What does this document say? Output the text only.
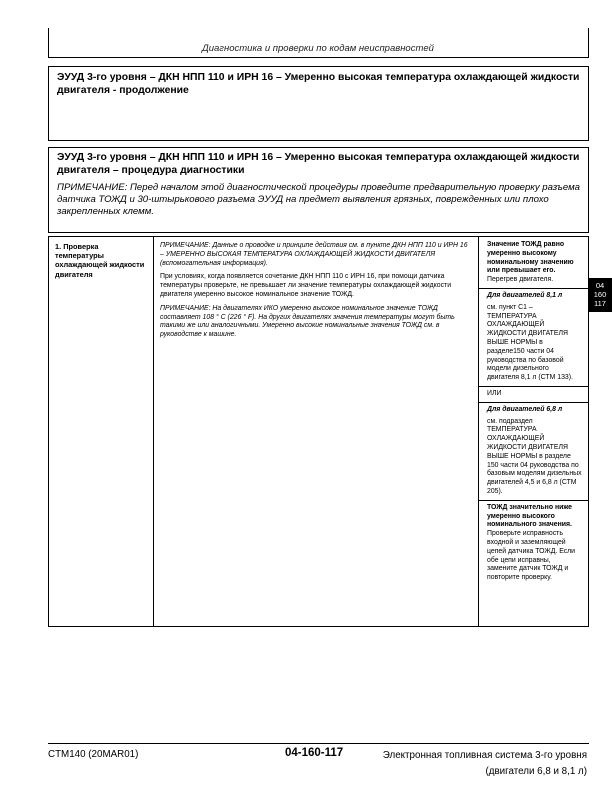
Диагностика и проверки по кодам неисправностей
ЭУУД 3-го уровня – ДКН НПП 110 и ИРН 16 – Умеренно высокая температура охлаждающей жидкости двигателя - продолжение
ЭУУД 3-го уровня – ДКН НПП 110 и ИРН 16 – Умеренно высокая температура охлаждающей жидкости двигателя – процедура диагностики
ПРИМЕЧАНИЕ: Перед началом этой диагностической процедуры проведите предварительную проверку разъема датчика ТОЖД и 30-штырькового разъема ЭУУД на предмет выявления грязных, поврежденных или плохо закрепленных клемм.
1. Проверка температуры охлаждающей жидкости двигателя
ПРИМЕЧАНИЕ: Данные о проводке и принципе действия см. в пункте ДКН НПП 110 и ИРН 16 – УМЕРЕННО ВЫСОКАЯ ТЕМПЕРАТУРА ОХЛАЖДАЮЩЕЙ ЖИДКОСТИ ДВИГАТЕЛЯ (вспомогательная информация).
При условиях, когда появляется сочетание ДКН НПП 110 с ИРН 16, при помощи датчика температуры проверьте, не превышает ли значение температуры охлаждающей жидкости двигателя умеренно высокое номинальное значение ТОЖД.
ПРИМЕЧАНИЕ: На двигателях ИКО умеренно высокое номинальное значение ТОЖД составляет 108 ° C (226 ° F). На других двигателях значения температуры могут быть такими же или аналогичными. Умеренно высокие номинальные значения ТОЖД см. в руководстве к машине.
Значение ТОЖД равно умеренно высокому номинальному значению или превышает его. Перегрев двигателя.
Для двигателей 8,1 л
см. пункт С1 – ТЕМПЕРАТУРА ОХЛАЖДАЮЩЕЙ ЖИДКОСТИ ДВИГАТЕЛЯ ВЫШЕ НОРМЫ в разделе150 части 04 руководства по базовой модели дизельного двигателя 8,1 л (СТМ 133).
ИЛИ
Для двигателей 6,8 л
см. подраздел ТЕМПЕРАТУРА ОХЛАЖДАЮЩЕЙ ЖИДКОСТИ ДВИГАТЕЛЯ ВЫШЕ НОРМЫ в разделе 150 части 04 руководства по базовым моделям дизельных двигателей 4,5 и 6,8 л (СТМ 205).
ТОЖД значительно ниже умеренно высокого номинального значения. Проверьте исправность входной и заземляющей цепей датчика ТОЖД. Если обе цепи исправны, замените датчик ТОЖД и повторите проверку.
04
160
117
CTM140 (20MAR01)	04-160-117	Электронная топливная система 3-го уровня
(двигатели 6,8 и 8,1 л)
